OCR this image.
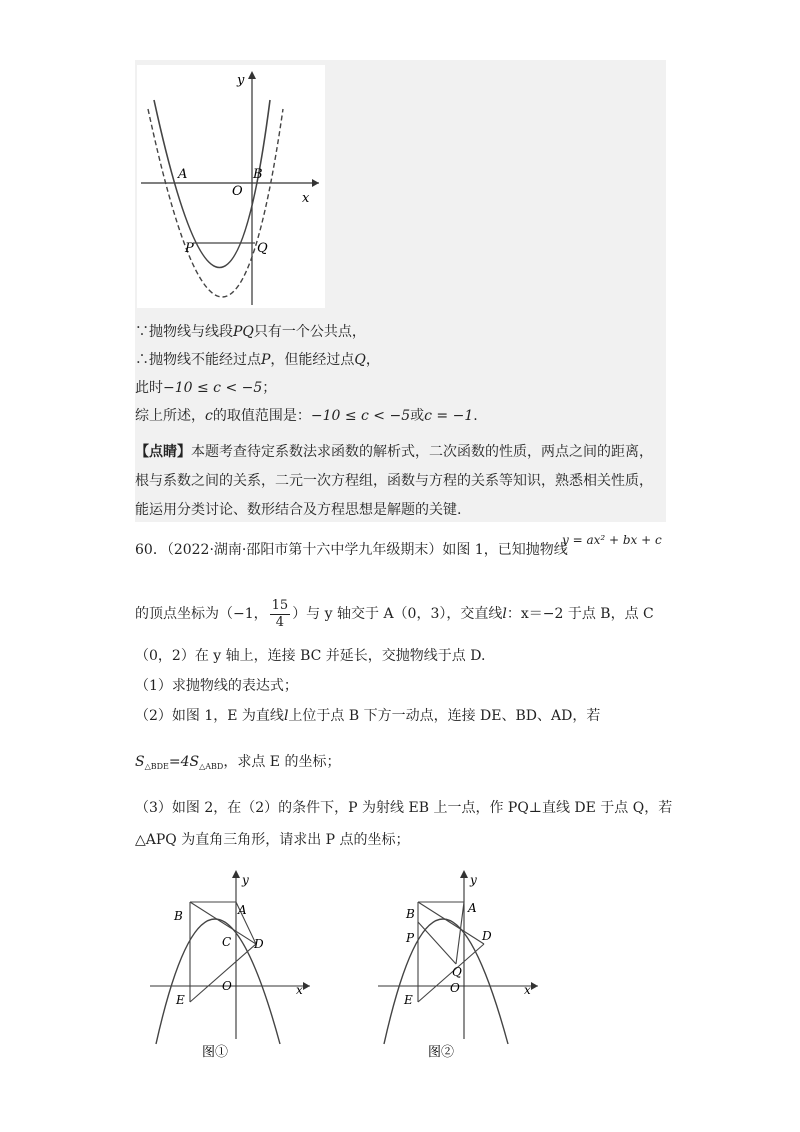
y
x
A	B
O
P	Q
∵抛物线与线段PQ只有一个公共点，
∴抛物线不能经过点P，但能经过点Q，
此时−10 ≤ c < −5；
综上所述，c的取值范围是：−10 ≤ c < −5或c = −1.
【点睛】本题考查待定系数法求函数的解析式，二次函数的性质，两点之间的距离，根与系数之间的关系，二元一次方程组，函数与方程的关系等知识，熟悉相关性质，能运用分类讨论、数形结合及方程思想是解题的关键.
60．（2022·湖南·邵阳市第十六中学九年级期末）如图 1，已知抛物线
y = ax² + bx + c
的顶点坐标为（−1， $\frac{15}{4}$ ）与 y 轴交于 A（0，3），交直线l：x＝−2 于点 B，点 C
（0，2）在 y 轴上，连接 BC 并延长，交抛物线于点 D.
（1）求抛物线的表达式；
（2）如图 1，E 为直线l上位于点 B 下方一动点，连接 DE、BD、AD，若
$S_{\triangle BDE}=4S_{\triangle ABD}$，求点 E 的坐标；
（3）如图 2，在（2）的条件下，P 为射线 EB 上一点，作 PQ⊥直线 DE 于点 Q，若
△APQ 为直角三角形，请求出 P 点的坐标；
y
x
B	A
C D
E
O
图①
y
x
B	A
P	D
Q
E
O
图②
